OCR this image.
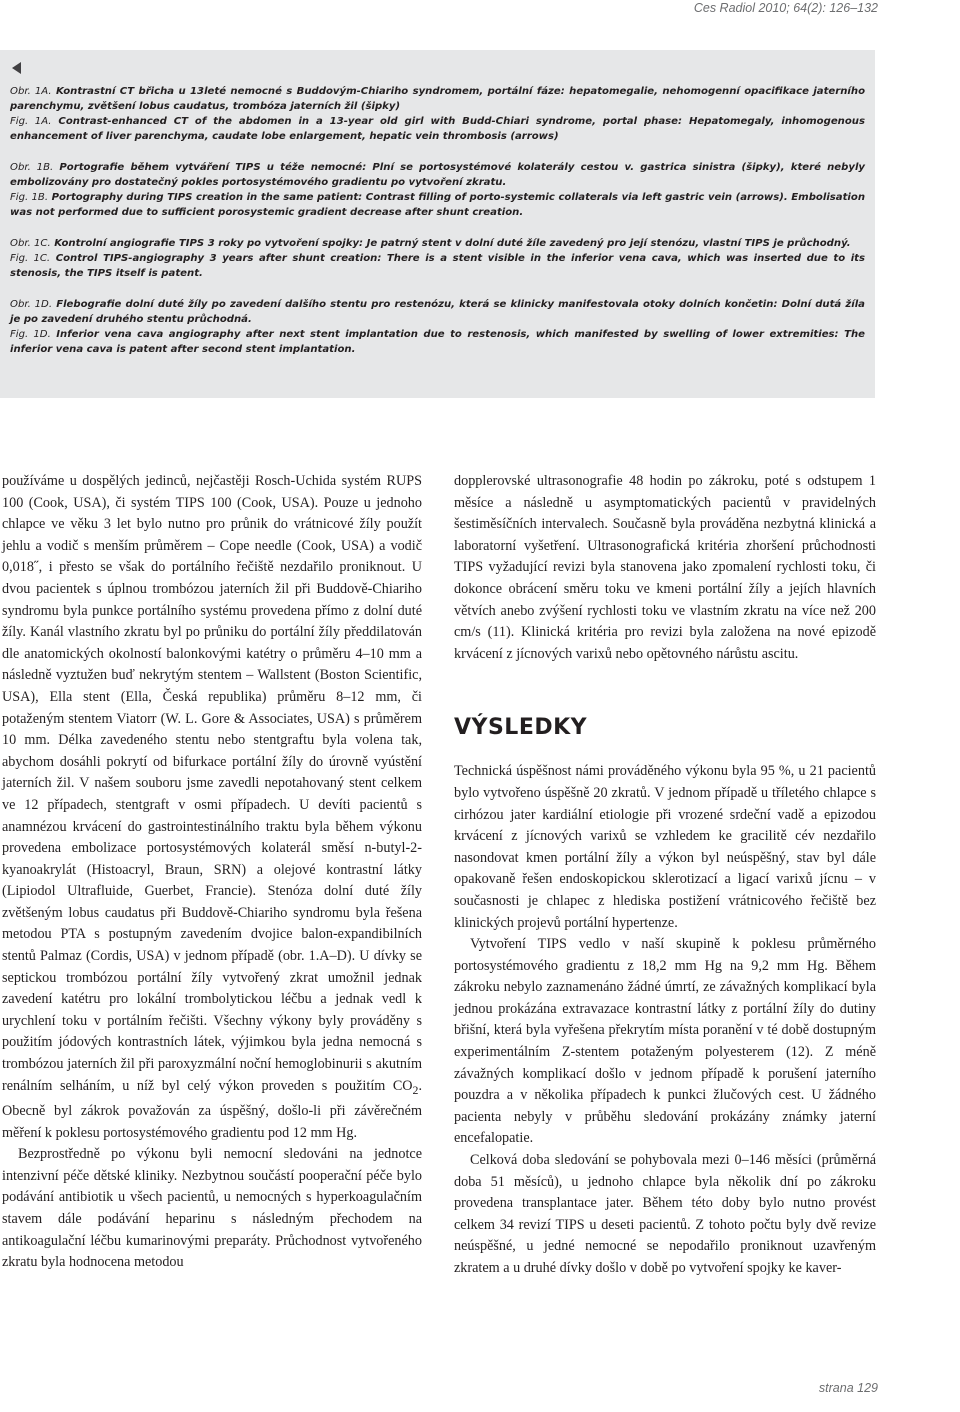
Ces Radiol 2010; 64(2): 126–132

Obr. 1A. Kontrastní CT břicha u 13leté nemocné s Buddovým-Chiariho syndromem, portální fáze: hepatomegalie, nehomogenní opacifikace jaterního parenchymu, zvětšení lobus caudatus, trombóza jaterních žil (šipky)

Fig. 1A. Contrast-enhanced CT of the abdomen in a 13-year old girl with Budd-Chiari syndrome, portal phase: Hepatomegaly, inhomogenous enhancement of liver parenchyma, caudate lobe enlargement, hepatic vein thrombosis (arrows)

Obr. 1B. Portografie během vytváření TIPS u téže nemocné: Plní se portosystémové kolaterály cestou v. gastrica sinistra (šipky), které nebyly embolizovány pro dostatečný pokles portosystémového gradientu po vytvoření zkratu.

Fig. 1B. Portography during TIPS creation in the same patient: Contrast filling of porto-systemic collaterals via left gastric vein (arrows). Embolisation was not performed due to sufficient porosystemic gradient decrease after shunt creation.

Obr. 1C. Kontrolní angiografie TIPS 3 roky po vytvoření spojky: Je patrný stent v dolní duté žíle zavedený pro její stenózu, vlastní TIPS je průchodný.

Fig. 1C. Control TIPS-angiography 3 years after shunt creation: There is a stent visible in the inferior vena cava, which was inserted due to its stenosis, the TIPS itself is patent.

Obr. 1D. Flebografie dolní duté žíly po zavedení dalšího stentu pro restenózu, která se klinicky manifestovala otoky dolních končetin: Dolní dutá žíla je po zavedení druhého stentu průchodná.

Fig. 1D. Inferior vena cava angiography after next stent implantation due to restenosis, which manifested by swelling of lower extremities: The inferior vena cava is patent after second stent implantation.

používáme u dospělých jedinců, nejčastěji Rosch-Uchida systém RUPS 100 (Cook, USA), či systém TIPS 100 (Cook, USA). Pouze u jednoho chlapce ve věku 3 let bylo nutno pro průnik do vrátnicové žíly použít jehlu a vodič s menším průměrem – Cope needle (Cook, USA) a vodič 0,018˝, i přesto se však do portálního řečiště nezdařilo proniknout. U dvou pacientek s úplnou trombózou jaterních žil při Buddově-Chiariho syndromu byla punkce portálního systému provedena přímo z dolní duté žíly. Kanál vlastního zkratu byl po průniku do portální žíly předdilatován dle anatomických okolností balonkovými katétry o průměru 4–10 mm a následně vyztužen buď nekrytým stentem – Wallstent (Boston Scientific, USA), Ella stent (Ella, Česká republika) průměru 8–12 mm, či potaženým stentem Viatorr (W. L. Gore & Associates, USA) s průměrem 10 mm. Délka zavedeného stentu nebo stentgraftu byla volena tak, abychom dosáhli pokrytí od bifurkace portální žíly do úrovně vyústění jaterních žil. V našem souboru jsme zavedli nepotahovaný stent celkem ve 12 případech, stentgraft v osmi případech. U devíti pacientů s anamnézou krvácení do gastrointestinálního traktu byla během výkonu provedena embolizace portosystémových kolaterál směsí n-butyl-2-kyanoakrylát (Histoacryl, Braun, SRN) a olejové kontrastní látky (Lipiodol Ultrafluide, Guerbet, Francie). Stenóza dolní duté žíly zvětšeným lobus caudatus při Buddově-Chiariho syndromu byla řešena metodou PTA s postupným zavedením dvojice balon-expandibilních stentů Palmaz (Cordis, USA) v jednom případě (obr. 1.A–D). U dívky se septickou trombózou portální žíly vytvořený zkrat umožnil jednak zavedení katétru pro lokální trombolytickou léčbu a jednak vedl k urychlení toku v portálním řečišti. Všechny výkony byly prováděny s použitím jódových kontrastních látek, výjimkou byla jedna nemocná s trombózou jaterních žil při paroxyzmální noční hemoglobinurii s akutním renálním selháním, u níž byl celý výkon proveden s použitím $CO_2$. Obecně byl zákrok považován za úspěšný, došlo-li při závěrečném měření k poklesu portosystémového gradientu pod 12 mm Hg.

Bezprostředně po výkonu byli nemocní sledováni na jednotce intenzivní péče dětské kliniky. Nezbytnou součástí pooperační péče bylo podávání antibiotik u všech pacientů, u nemocných s hyperkoagulačním stavem dále podávání heparinu s následným přechodem na antikoagulační léčbu kumarinovými preparáty. Průchodnost vytvořeného zkratu byla hodnocena metodou

dopplerovské ultrasonografie 48 hodin po zákroku, poté s odstupem 1 měsíce a následně u asymptomatických pacientů v pravidelných šestiměsíčních intervalech. Současně byla prováděna nezbytná klinická a laboratorní vyšetření. Ultrasonografická kritéria zhoršení průchodnosti TIPS vyžadující revizi byla stanovena jako zpomalení rychlosti toku, či dokonce obrácení směru toku ve kmeni portální žíly a jejích hlavních větvích anebo zvýšení rychlosti toku ve vlastním zkratu na více než 200 cm/s (11). Klinická kritéria pro revizi byla založena na nové epizodě krvácení z jícnových varixů nebo opětovného nárůstu ascitu.

VÝSLEDKY

Technická úspěšnost námi prováděného výkonu byla 95 %, u 21 pacientů bylo vytvořeno úspěšně 20 zkratů. V jednom případě u tříletého chlapce s cirhózou jater kardiální etiologie při vrozené srdeční vadě a epizodou krvácení z jícnových varixů se vzhledem ke gracilitě cév nezdařilo nasondovat kmen portální žíly a výkon byl neúspěšný, stav byl dále opakovaně řešen endoskopickou sklerotizací a ligací varixů jícnu – v současnosti je chlapec z hlediska postižení vrátnicového řečiště bez klinických projevů portální hypertenze.

Vytvoření TIPS vedlo v naší skupině k poklesu průměrného portosystémového gradientu z 18,2 mm Hg na 9,2 mm Hg. Během zákroku nebylo zaznamenáno žádné úmrtí, ze závažných komplikací byla jednou prokázána extravazace kontrastní látky z portální žíly do dutiny břišní, která byla vyřešena překrytím místa poranění v té době dostupným experimentálním Z-stentem potaženým polyesterem (12). Z méně závažných komplikací došlo v jednom případě k porušení jaterního pouzdra a v několika případech k punkci žlučových cest. U žádného pacienta nebyly v průběhu sledování prokázány známky jaterní encefalopatie.

Celková doba sledování se pohybovala mezi 0–146 měsíci (průměrná doba 51 měsíců), u jednoho chlapce byla několik dní po zákroku provedena transplantace jater. Během této doby bylo nutno provést celkem 34 revizí TIPS u deseti pacientů. Z tohoto počtu byly dvě revize neúspěšné, u jedné nemocné se nepodařilo proniknout uzavřeným zkratem a u druhé dívky došlo v době po vytvoření spojky ke kaver-

strana 129
